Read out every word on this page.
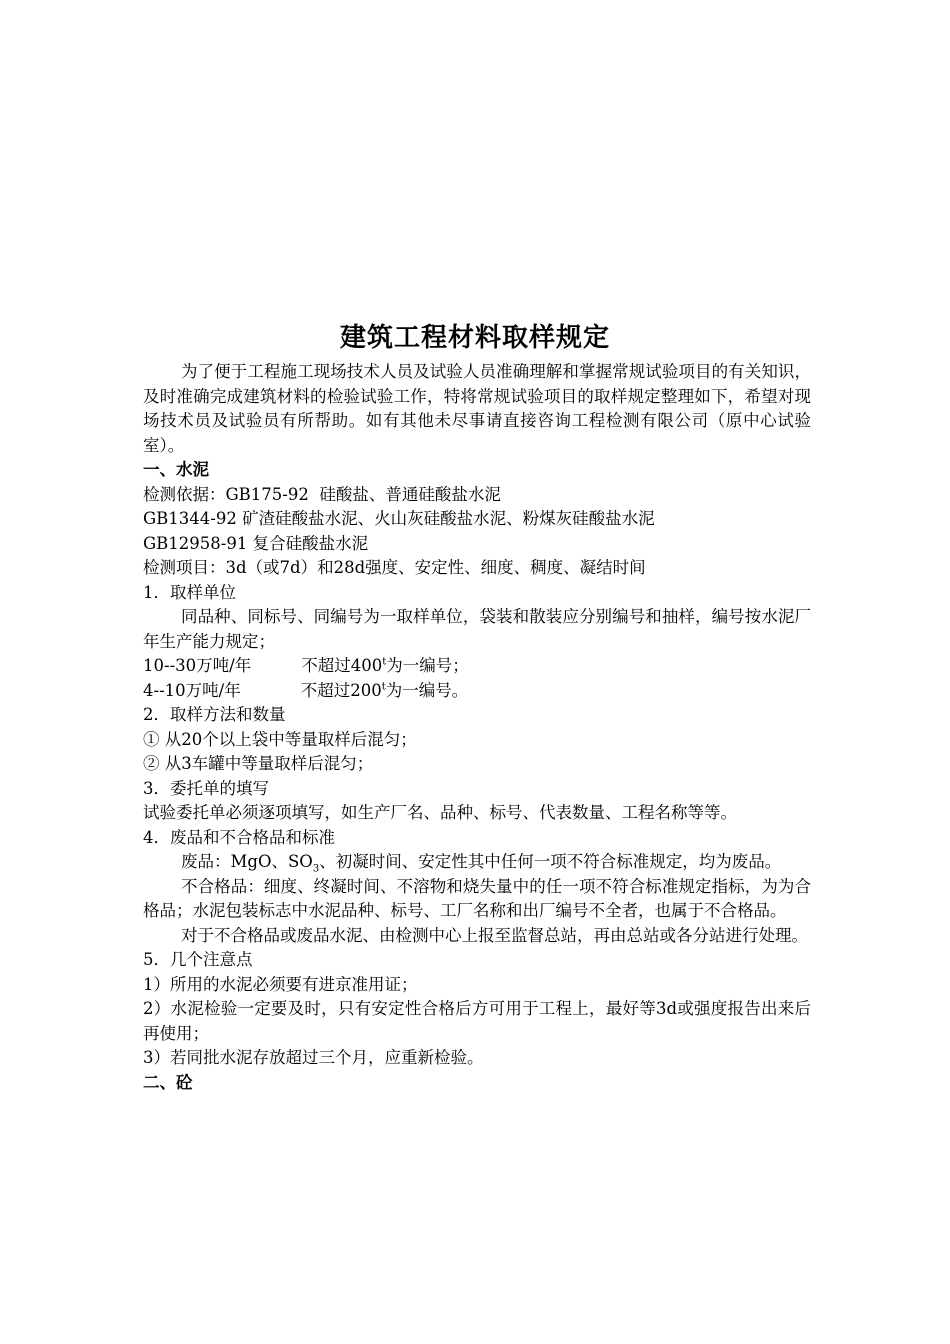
建筑工程材料取样规定

为了便于工程施工现场技术人员及试验人员准确理解和掌握常规试验项目的有关知识，及时准确完成建筑材料的检验试验工作，特将常规试验项目的取样规定整理如下，希望对现场技术员及试验员有所帮助。如有其他未尽事请直接咨询工程检测有限公司（原中心试验室）。

一、水泥

检测依据：GB175-92  硅酸盐、普通硅酸盐水泥

GB1344-92 矿渣硅酸盐水泥、火山灰硅酸盐水泥、粉煤灰硅酸盐水泥

GB12958-91 复合硅酸盐水泥

检测项目：3d（或7d）和28d强度、安定性、细度、稠度、凝结时间

1．取样单位

同品种、同标号、同编号为一取样单位，袋装和散装应分别编号和抽样，编号按水泥厂年生产能力规定；

10--30万吨/年	不超过400$^t$为一编号；

4--10万吨/年	不超过200$^t$为一编号。

2．取样方法和数量

① 从20个以上袋中等量取样后混匀；

② 从3车罐中等量取样后混匀；

3．委托单的填写

试验委托单必须逐项填写，如生产厂名、品种、标号、代表数量、工程名称等等。

4．废品和不合格品和标准

废品：MgO、$SO_3$、初凝时间、安定性其中任何一项不符合标准规定，均为废品。

不合格品：细度、终凝时间、不溶物和烧失量中的任一项不符合标准规定指标，为为合格品；水泥包装标志中水泥品种、标号、工厂名称和出厂编号不全者，也属于不合格品。

对于不合格品或废品水泥、由检测中心上报至监督总站，再由总站或各分站进行处理。

5．几个注意点

1）所用的水泥必须要有进京准用证；

2）水泥检验一定要及时，只有安定性合格后方可用于工程上，最好等3d或强度报告出来后再使用；

3）若同批水泥存放超过三个月，应重新检验。

二、砼
